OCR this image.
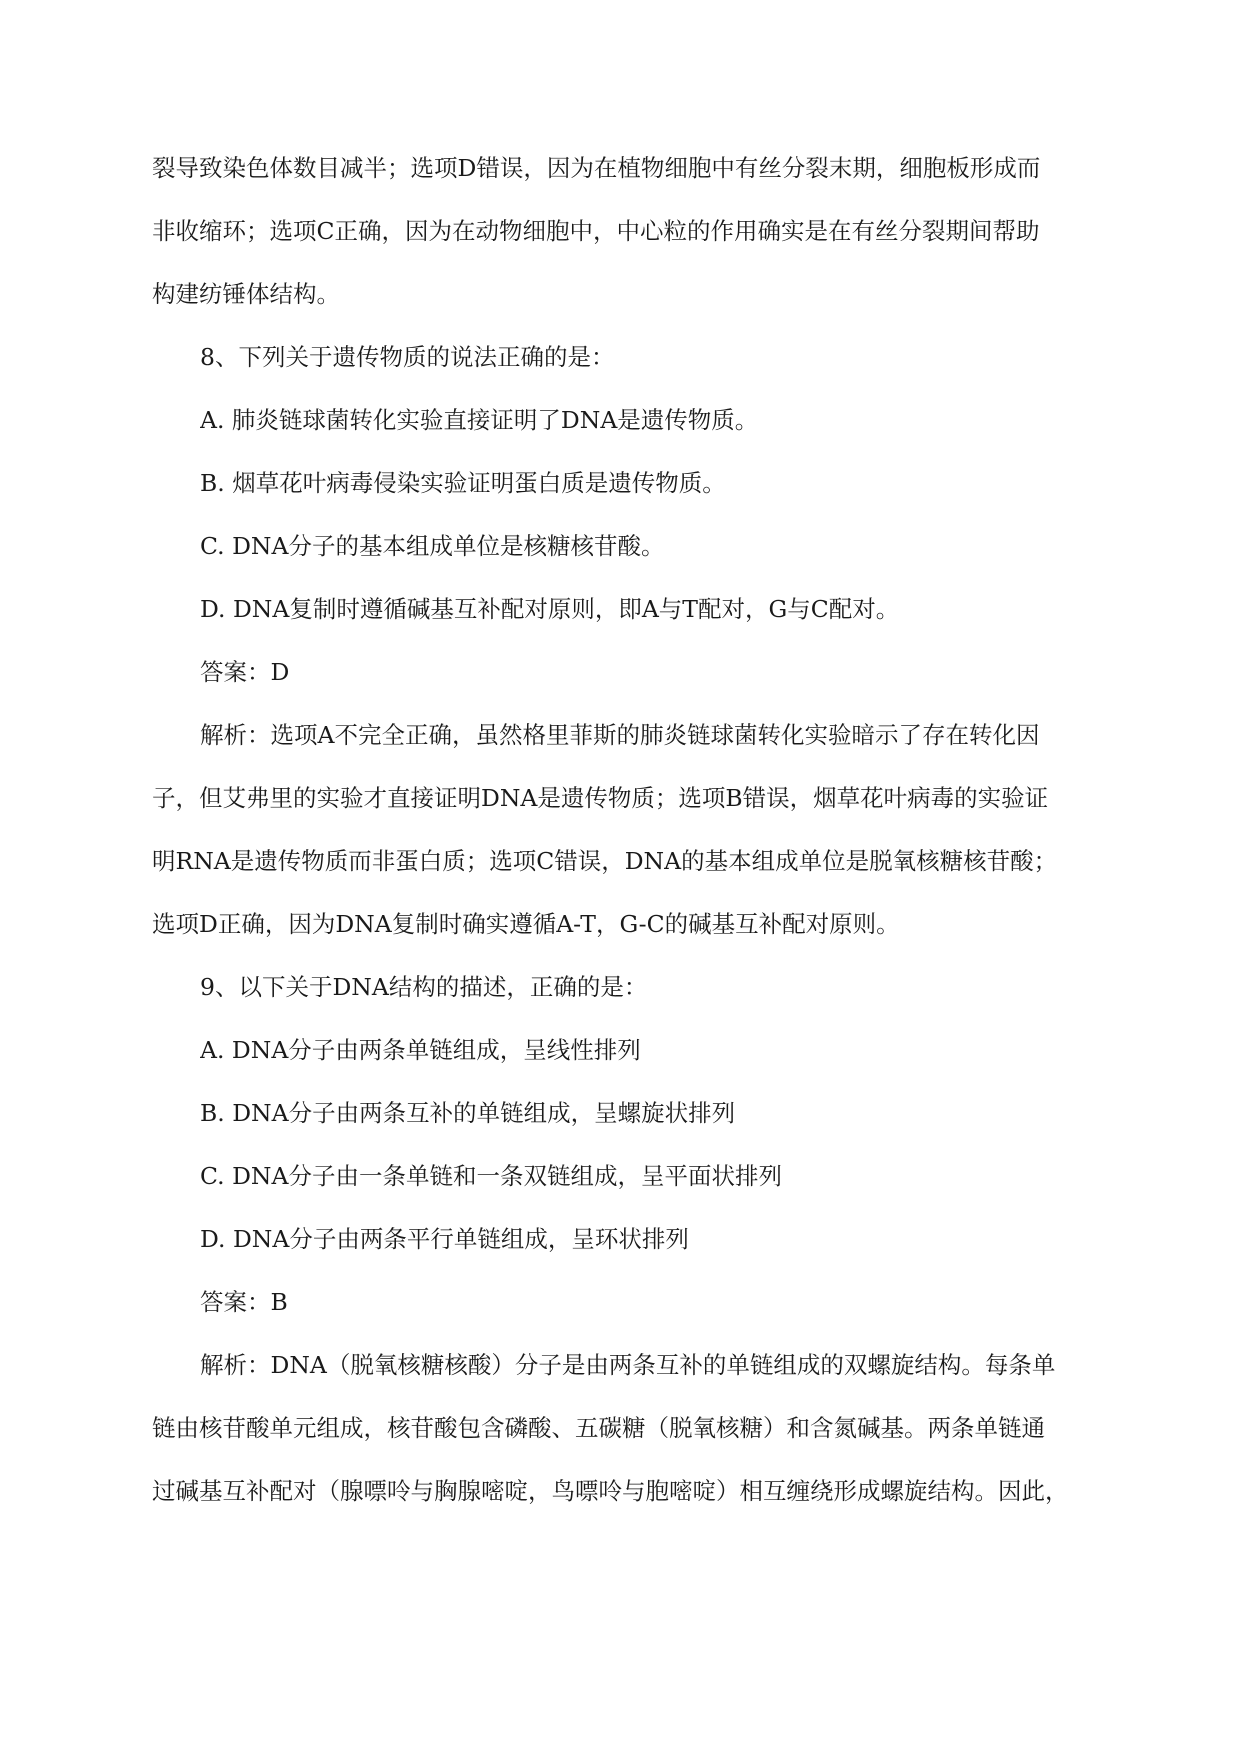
裂导致染色体数目减半；选项D错误，因为在植物细胞中有丝分裂末期，细胞板形成而
非收缩环；选项C正确，因为在动物细胞中，中心粒的作用确实是在有丝分裂期间帮助
构建纺锤体结构。
8、下列关于遗传物质的说法正确的是：
A. 肺炎链球菌转化实验直接证明了DNA是遗传物质。
B. 烟草花叶病毒侵染实验证明蛋白质是遗传物质。
C. DNA分子的基本组成单位是核糖核苷酸。
D. DNA复制时遵循碱基互补配对原则，即A与T配对，G与C配对。
答案：D
解析：选项A不完全正确，虽然格里菲斯的肺炎链球菌转化实验暗示了存在转化因
子，但艾弗里的实验才直接证明DNA是遗传物质；选项B错误，烟草花叶病毒的实验证
明RNA是遗传物质而非蛋白质；选项C错误，DNA的基本组成单位是脱氧核糖核苷酸；
选项D正确，因为DNA复制时确实遵循A-T，G-C的碱基互补配对原则。
9、以下关于DNA结构的描述，正确的是：
A. DNA分子由两条单链组成，呈线性排列
B. DNA分子由两条互补的单链组成，呈螺旋状排列
C. DNA分子由一条单链和一条双链组成，呈平面状排列
D. DNA分子由两条平行单链组成，呈环状排列
答案：B
解析：DNA（脱氧核糖核酸）分子是由两条互补的单链组成的双螺旋结构。每条单
链由核苷酸单元组成，核苷酸包含磷酸、五碳糖（脱氧核糖）和含氮碱基。两条单链通
过碱基互补配对（腺嘌呤与胸腺嘧啶，鸟嘌呤与胞嘧啶）相互缠绕形成螺旋结构。因此，
